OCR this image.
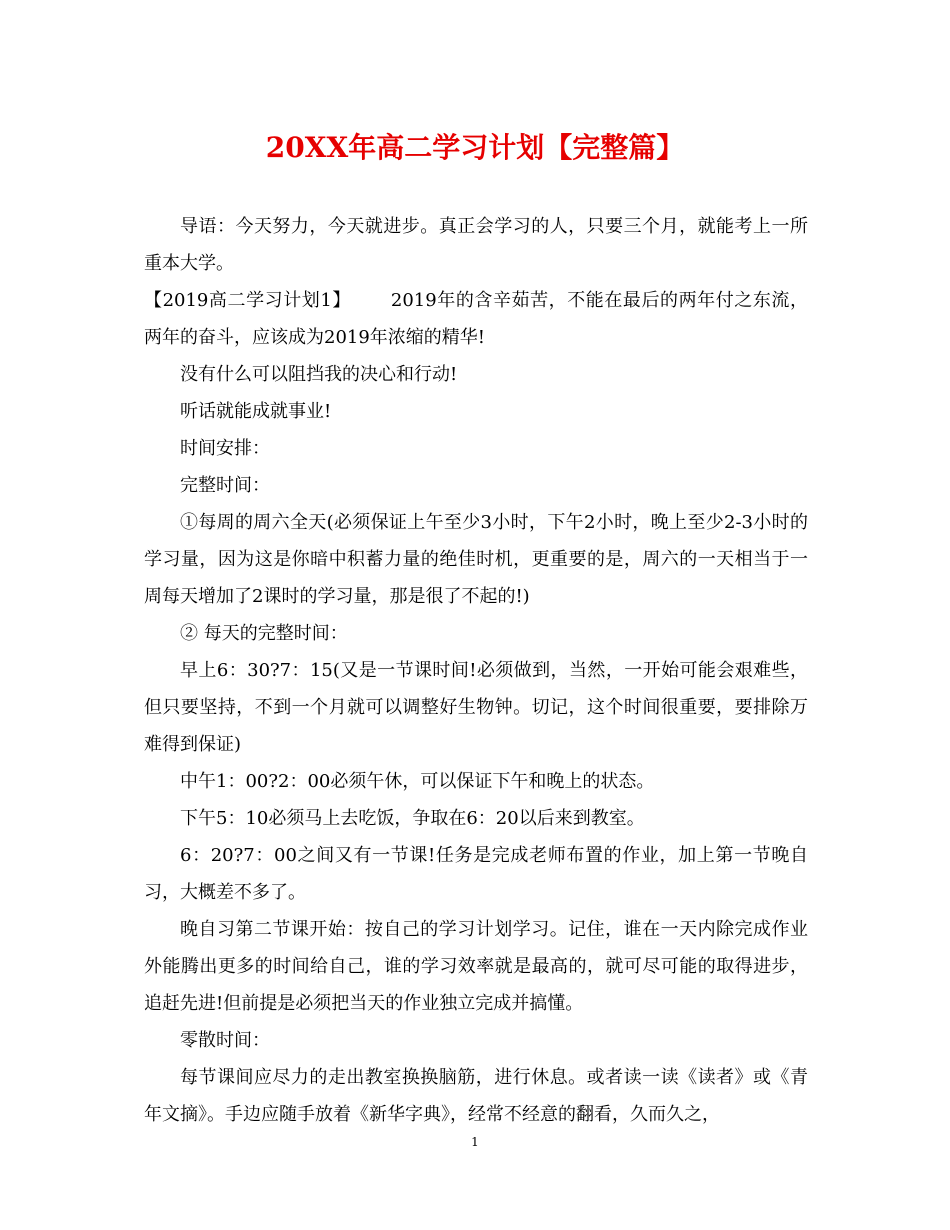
20XX年高二学习计划【完整篇】

导语：今天努力，今天就进步。真正会学习的人，只要三个月，就能考上一所重本大学。

【2019高二学习计划1】 2019年的含辛茹苦，不能在最后的两年付之东流，两年的奋斗，应该成为2019年浓缩的精华!

没有什么可以阻挡我的决心和行动!

听话就能成就事业!

时间安排：

完整时间：

①每周的周六全天(必须保证上午至少3小时，下午2小时，晚上至少2-3小时的学习量，因为这是你暗中积蓄力量的绝佳时机，更重要的是，周六的一天相当于一周每天增加了2课时的学习量，那是很了不起的!)

② 每天的完整时间：

早上6：30?7：15(又是一节课时间!必须做到，当然，一开始可能会艰难些，但只要坚持，不到一个月就可以调整好生物钟。切记，这个时间很重要，要排除万难得到保证)

中午1：00?2：00必须午休，可以保证下午和晚上的状态。

下午5：10必须马上去吃饭，争取在6：20以后来到教室。

6：20?7：00之间又有一节课!任务是完成老师布置的作业，加上第一节晚自习，大概差不多了。

晚自习第二节课开始：按自己的学习计划学习。记住，谁在一天内除完成作业外能腾出更多的时间给自己，谁的学习效率就是最高的，就可尽可能的取得进步，追赶先进!但前提是必须把当天的作业独立完成并搞懂。

零散时间：

每节课间应尽力的走出教室换换脑筋，进行休息。或者读一读《读者》或《青年文摘》。手边应随手放着《新华字典》，经常不经意的翻看，久而久之，

1
